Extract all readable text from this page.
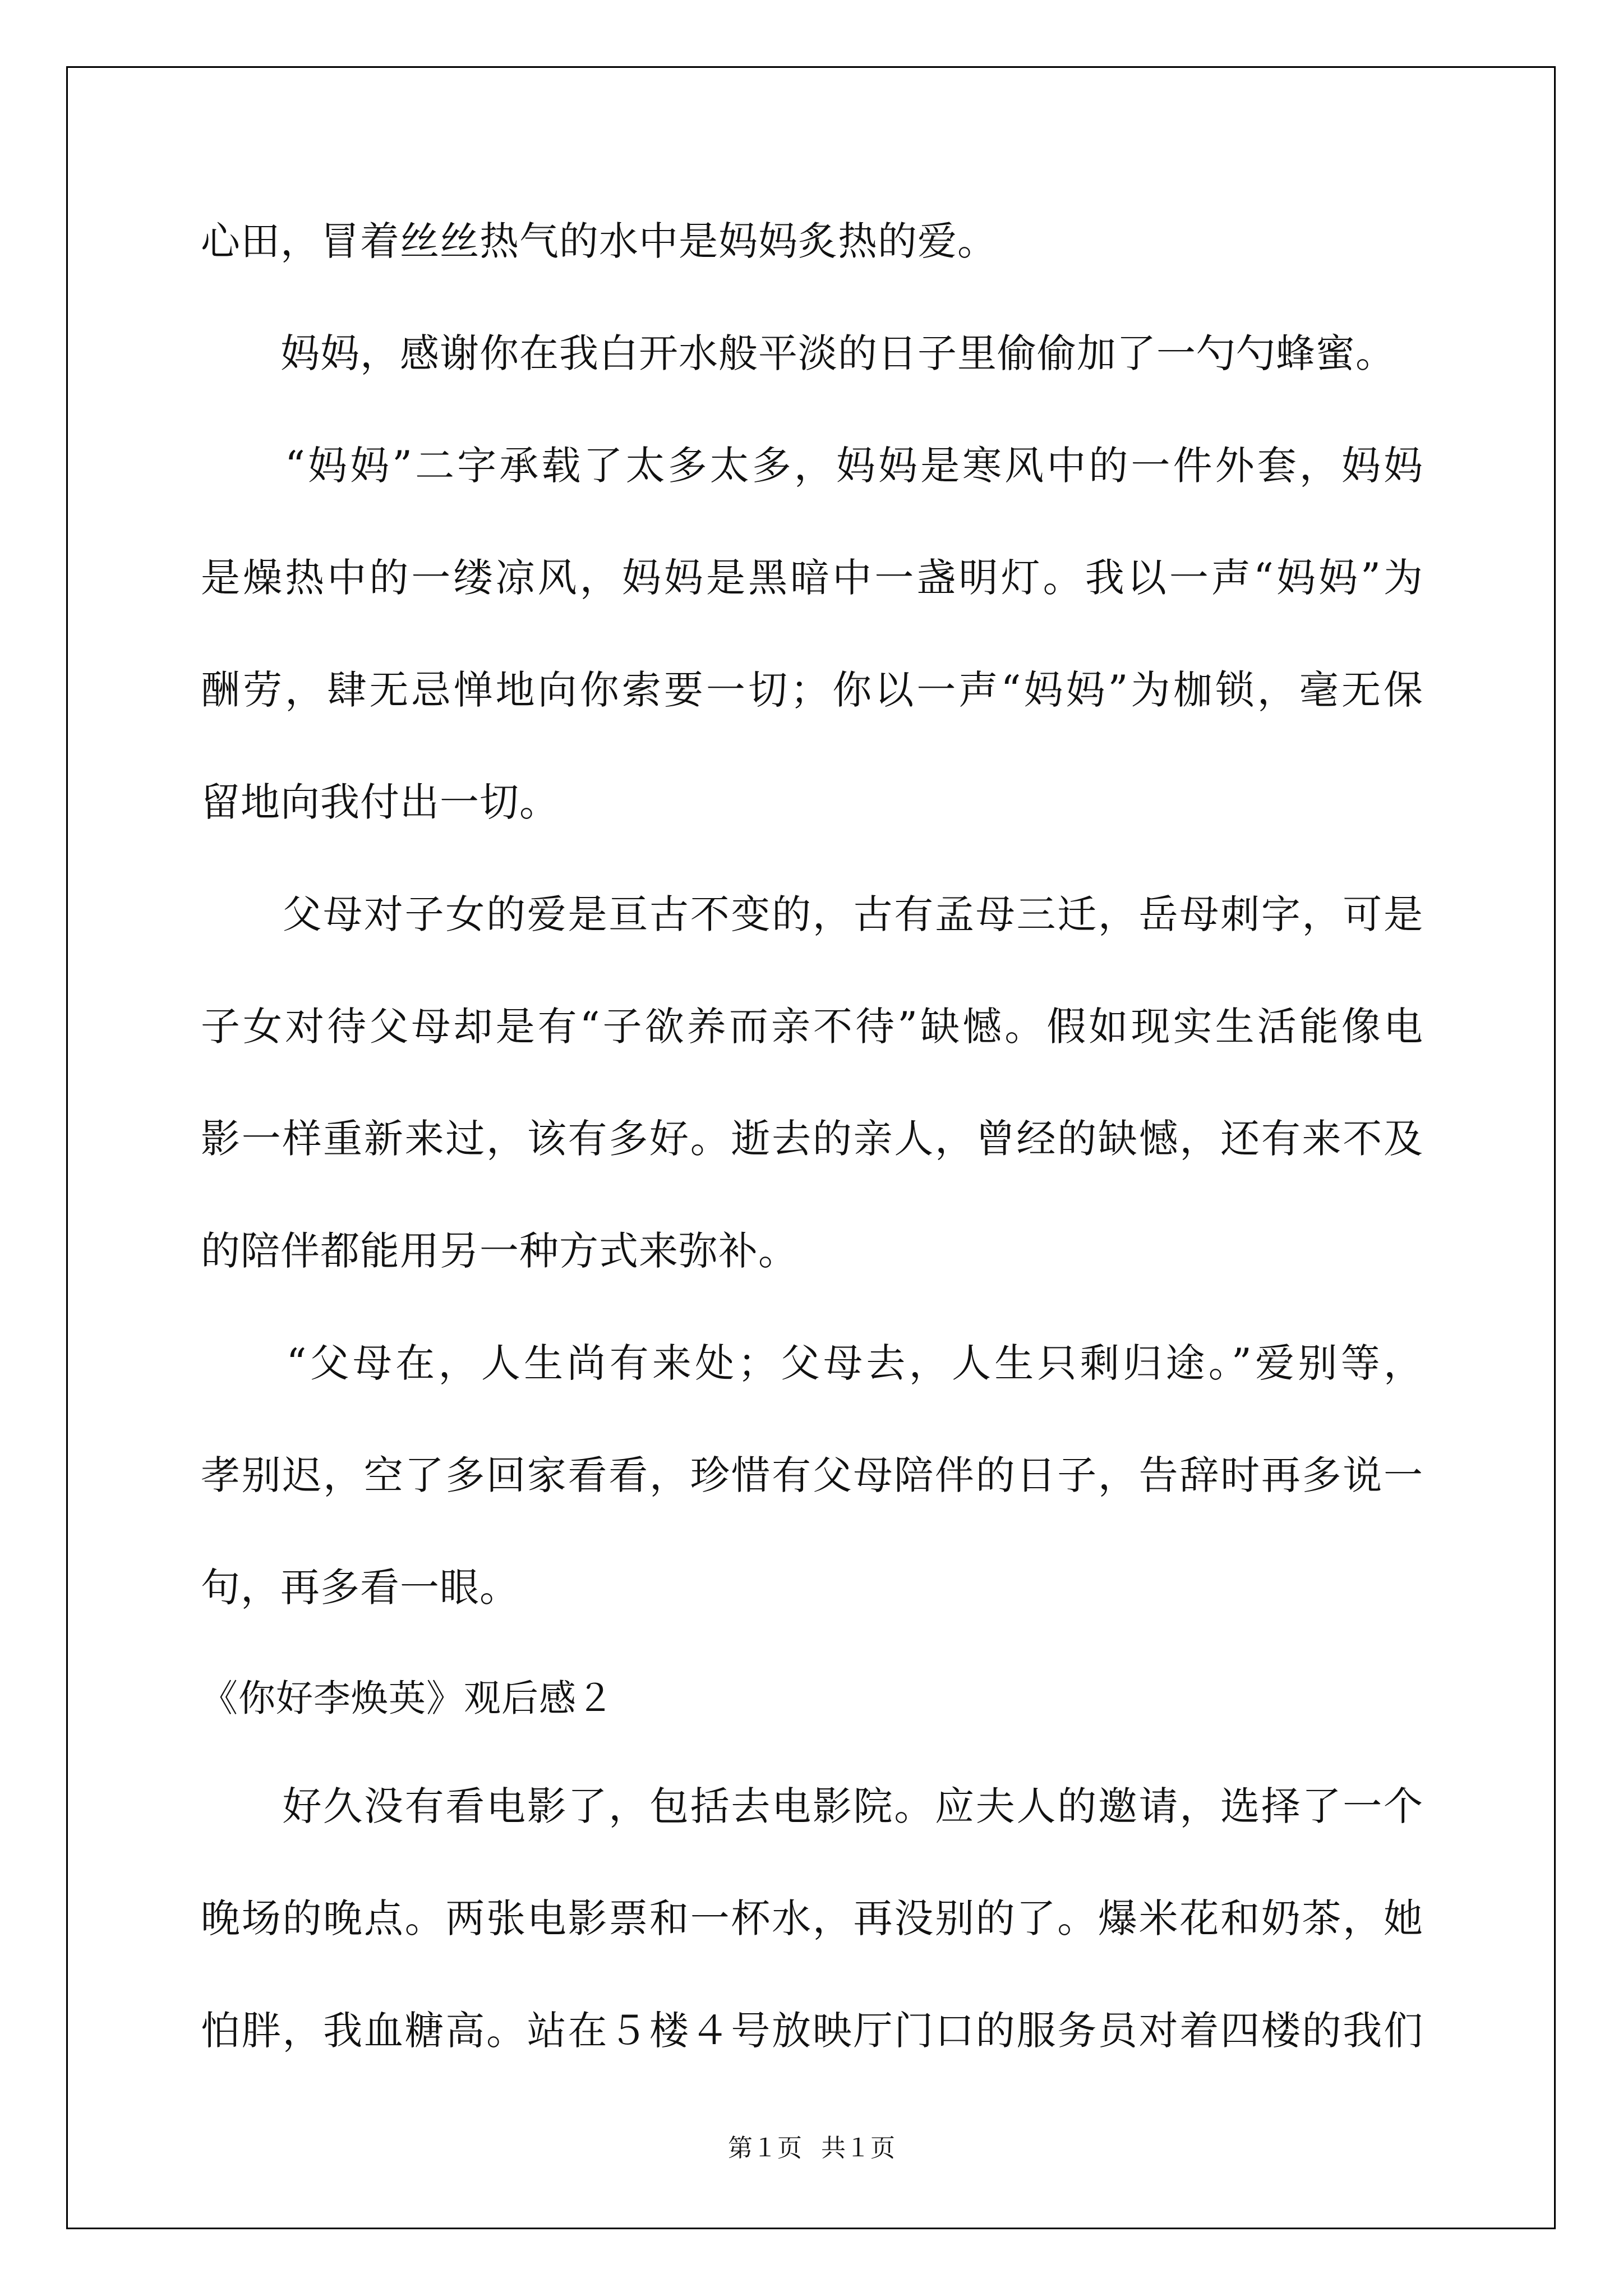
心田，冒着丝丝热气的水中是妈妈炙热的爱。
　　妈妈，感谢你在我白开水般平淡的日子里偷偷加了一勺勺蜂蜜。
　　“妈妈”二字承载了太多太多，妈妈是寒风中的一件外套，妈妈
是燥热中的一缕凉风，妈妈是黑暗中一盏明灯。我以一声“妈妈”为
酬劳，肆无忌惮地向你索要一切；你以一声“妈妈”为枷锁，毫无保
留地向我付出一切。
　　父母对子女的爱是亘古不变的，古有孟母三迁，岳母刺字，可是
子女对待父母却是有“子欲养而亲不待”缺憾。假如现实生活能像电
影一样重新来过，该有多好。逝去的亲人，曾经的缺憾，还有来不及
的陪伴都能用另一种方式来弥补。
　　“父母在，人生尚有来处；父母去，人生只剩归途。”爱别等，
孝别迟，空了多回家看看，珍惜有父母陪伴的日子，告辞时再多说一
句，再多看一眼。
《你好李焕英》观后感２
　　好久没有看电影了，包括去电影院。应夫人的邀请，选择了一个
晚场的晚点。两张电影票和一杯水，再没别的了。爆米花和奶茶，她
怕胖，我血糖高。站在５楼４号放映厅门口的服务员对着四楼的我们
第１页 共１页
